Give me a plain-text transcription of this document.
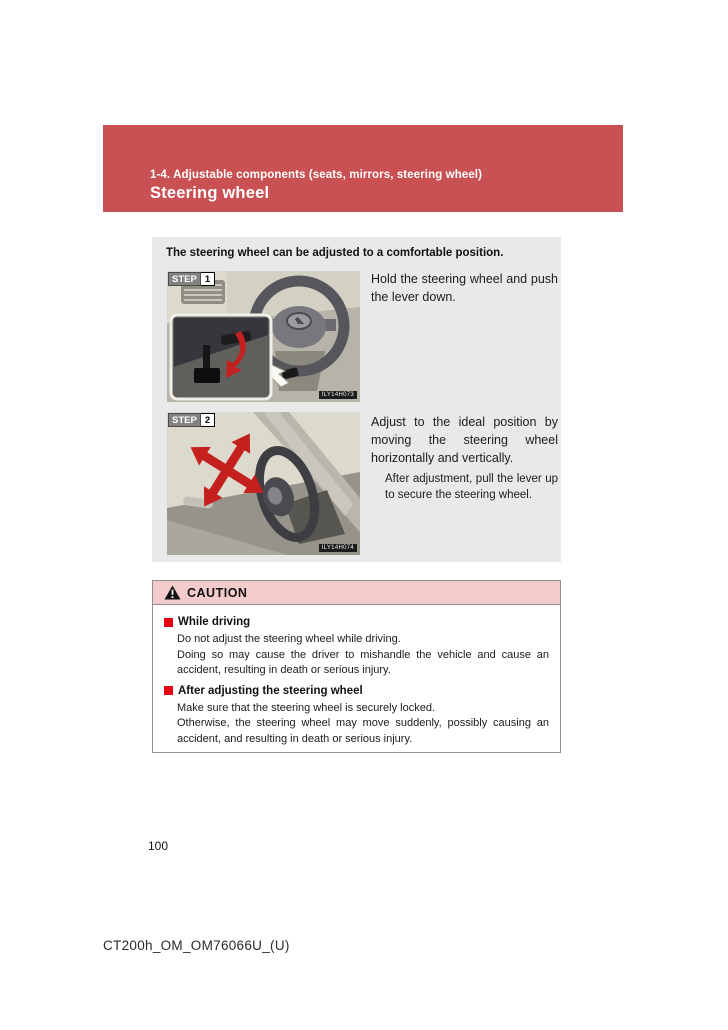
1-4. Adjustable components (seats, mirrors, steering wheel)
Steering wheel
The steering wheel can be adjusted to a comfortable position.
STEP 1
ILY14H073
Hold the steering wheel and push the lever down.
STEP 2
ILY14H074
Adjust to the ideal position by moving the steering wheel horizontally and vertically.
After adjustment, pull the lever up to secure the steering wheel.
CAUTION
While driving
Do not adjust the steering wheel while driving.
Doing so may cause the driver to mishandle the vehicle and cause an accident, resulting in death or serious injury.
After adjusting the steering wheel
Make sure that the steering wheel is securely locked.
Otherwise, the steering wheel may move suddenly, possibly causing an accident, and resulting in death or serious injury.
100
CT200h_OM_OM76066U_(U)
